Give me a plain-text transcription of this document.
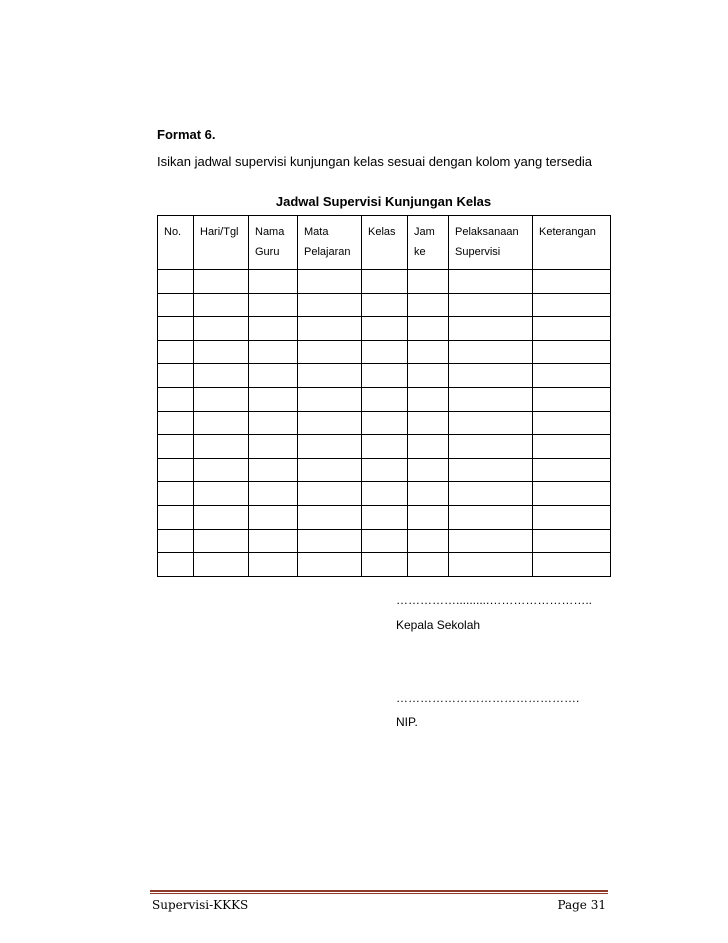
Format 6.
Isikan jadwal supervisi kunjungan kelas sesuai dengan kolom yang tersedia
Jadwal Supervisi Kunjungan Kelas
No.	Hari/Tgl	Nama Guru	Mata Pelajaran	Kelas	Jam ke	Pelaksanaan Supervisi	Keterangan

……………..........……………………..
Kepala Sekolah
……………………………………….
NIP.
Supervisi-KKKS	Page 31
